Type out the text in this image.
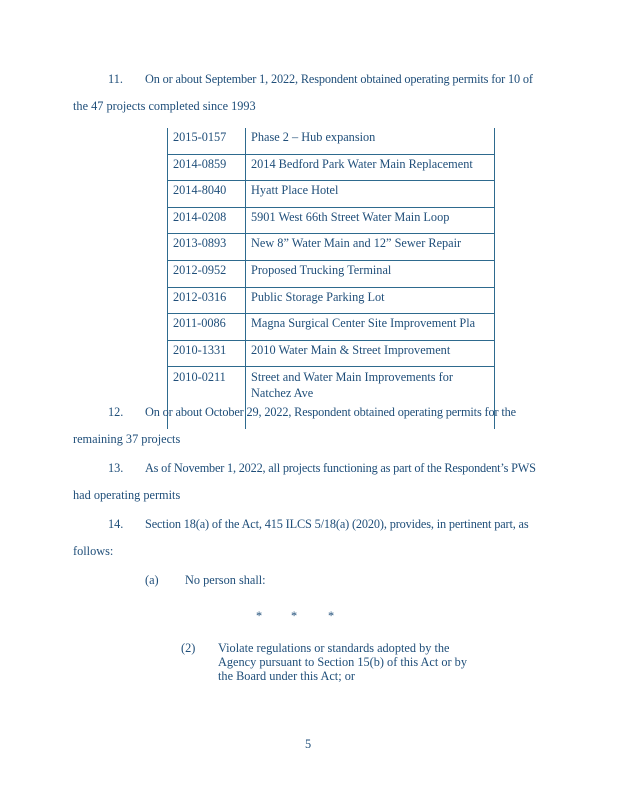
11. On or about September 1, 2022, Respondent obtained operating permits for 10 of
the 47 projects completed since 1993
2015-0157	Phase 2 – Hub expansion
2014-0859	2014 Bedford Park Water Main Replacement
2014-8040	Hyatt Place Hotel
2014-0208	5901 West 66th Street Water Main Loop
2013-0893	New 8” Water Main and 12” Sewer Repair
2012-0952	Proposed Trucking Terminal
2012-0316	Public Storage Parking Lot
2011-0086	Magna Surgical Center Site Improvement Pla
2010-1331	2010 Water Main & Street Improvement
2010-0211	Street and Water Main Improvements for Natchez Ave
12. On or about October 29, 2022, Respondent obtained operating permits for the
remaining 37 projects
13. As of November 1, 2022, all projects functioning as part of the Respondent’s PWS
had operating permits
14. Section 18(a) of the Act, 415 ILCS 5/18(a) (2020), provides, in pertinent part, as
follows:
(a) No person shall:
* *	*
(2) Violate regulations or standards adopted by the
Agency pursuant to Section 15(b) of this Act or by
the Board under this Act; or
5
